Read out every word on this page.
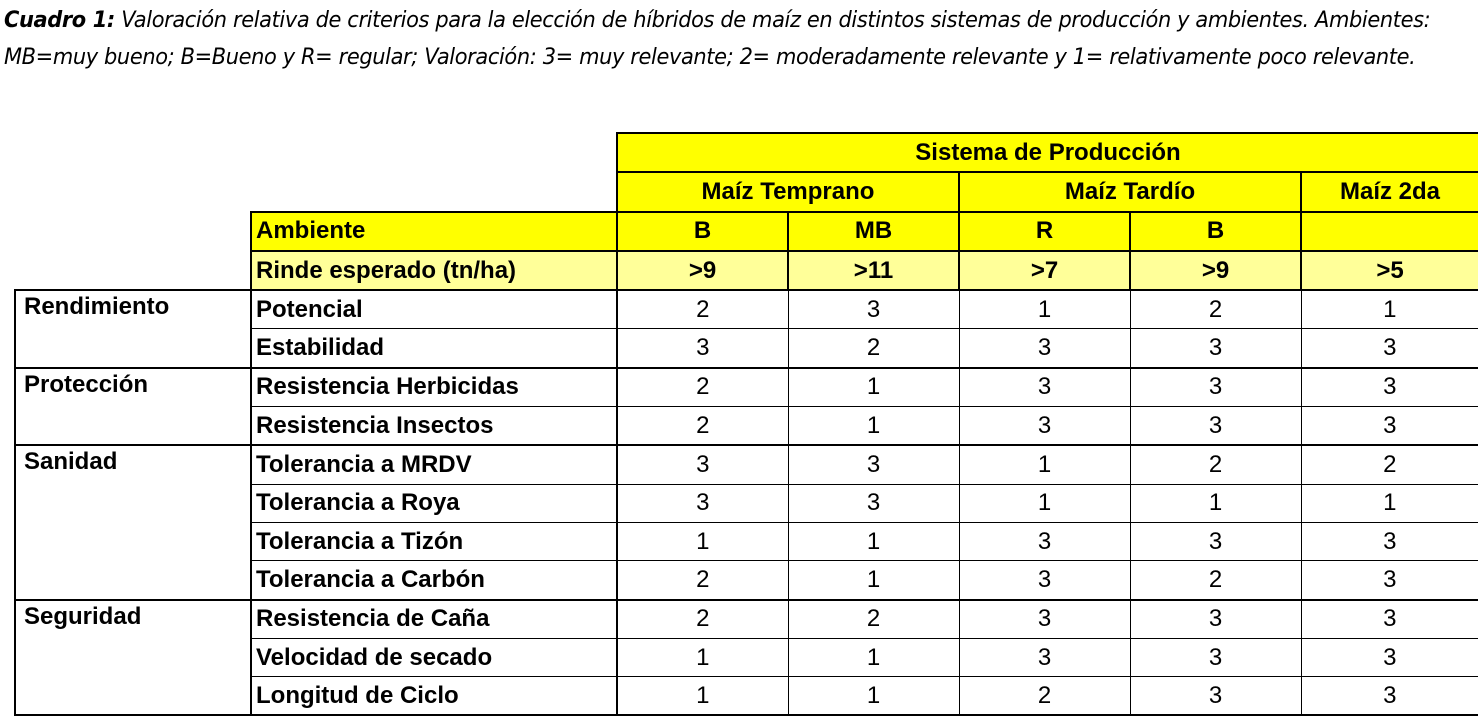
Cuadro 1: Valoración relativa de criterios para la elección de híbridos de maíz en distintos sistemas de producción y ambientes. Ambientes: MB=muy bueno; B=Bueno y R= regular; Valoración: 3= muy relevante; 2= moderadamente relevante y 1= relativamente poco relevante.
		Sistema de Producción				
		Maíz Temprano		Maíz Tardío		Maíz 2da
	Ambiente	B	MB	R	B	
	Rinde esperado (tn/ha)	>9	>11	>7	>9	>5
Rendimiento	Potencial	2	3	1	2	1
	Estabilidad	3	2	3	3	3
Protección	Resistencia Herbicidas	2	1	3	3	3
	Resistencia Insectos	2	1	3	3	3
Sanidad	Tolerancia a MRDV	3	3	1	2	2
	Tolerancia a Roya	3	3	1	1	1
	Tolerancia a Tizón	1	1	3	3	3
	Tolerancia a Carbón	2	1	3	2	3
Seguridad	Resistencia de Caña	2	2	3	3	3
	Velocidad de secado	1	1	3	3	3
	Longitud de Ciclo	1	1	2	3	3
